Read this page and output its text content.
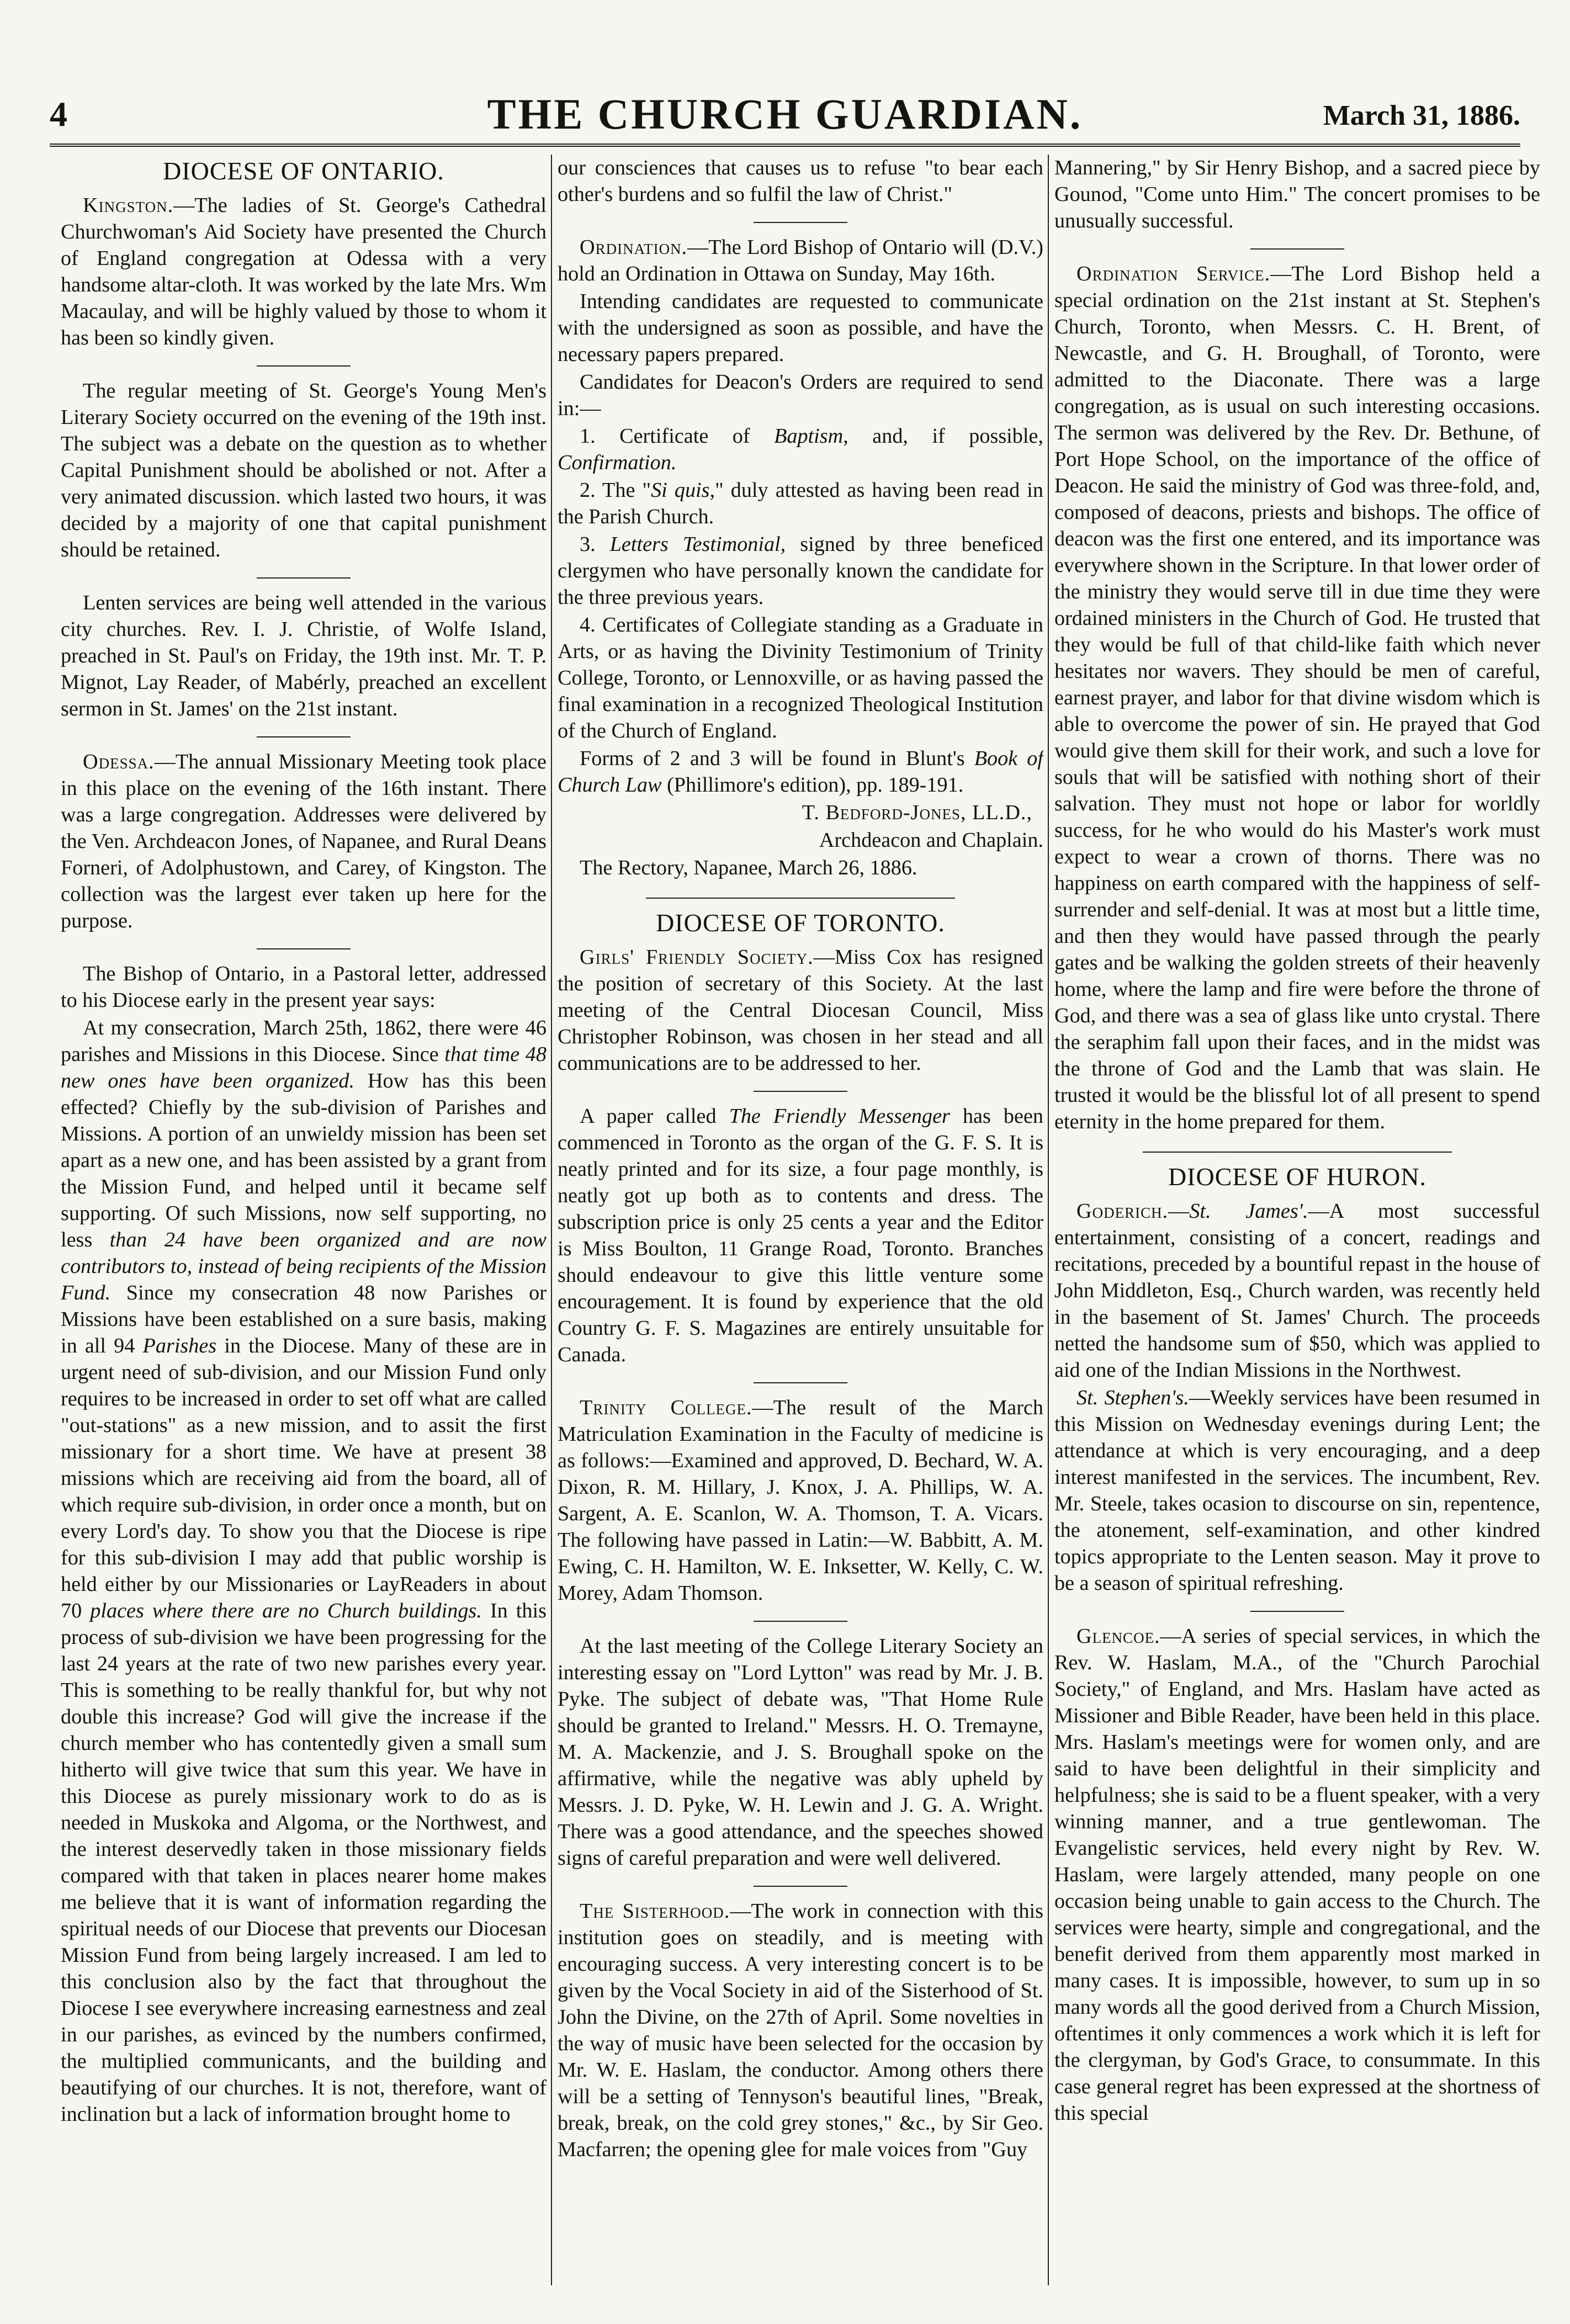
4	THE CHURCH GUARDIAN.	March 31, 1886.

DIOCESE OF ONTARIO.

Kingston.—The ladies of St. George's Cathedral Churchwoman's Aid Society have presented the Church of England congregation at Odessa with a very handsome altar-cloth. It was worked by the late Mrs. Wm Macaulay, and will be highly valued by those to whom it has been so kindly given.

The regular meeting of St. George's Young Men's Literary Society occurred on the evening of the 19th inst. The subject was a debate on the question as to whether Capital Punishment should be abolished or not. After a very animated discussion. which lasted two hours, it was decided by a majority of one that capital punishment should be retained.

Lenten services are being well attended in the various city churches. Rev. I. J. Christie, of Wolfe Island, preached in St. Paul's on Friday, the 19th inst. Mr. T. P. Mignot, Lay Reader, of Mabérly, preached an excellent sermon in St. James' on the 21st instant.

Odessa.—The annual Missionary Meeting took place in this place on the evening of the 16th instant. There was a large congregation. Addresses were delivered by the Ven. Archdeacon Jones, of Napanee, and Rural Deans Forneri, of Adolphustown, and Carey, of Kingston. The collection was the largest ever taken up here for the purpose.

The Bishop of Ontario, in a Pastoral letter, addressed to his Diocese early in the present year says:

At my consecration, March 25th, 1862, there were 46 parishes and Missions in this Diocese. Since that time 48 new ones have been organized. How has this been effected? Chiefly by the sub-division of Parishes and Missions. A portion of an unwieldy mission has been set apart as a new one, and has been assisted by a grant from the Mission Fund, and helped until it became self supporting. Of such Missions, now self supporting, no less than 24 have been organized and are now contributors to, instead of being recipients of the Mission Fund. Since my consecration 48 now Parishes or Missions have been established on a sure basis, making in all 94 Parishes in the Diocese. Many of these are in urgent need of sub-division, and our Mission Fund only requires to be increased in order to set off what are called "out-stations" as a new mission, and to assit the first missionary for a short time. We have at present 38 missions which are receiving aid from the board, all of which require sub-division, in order once a month, but on every Lord's day. To show you that the Diocese is ripe for this sub-division I may add that public worship is held either by our Missionaries or LayReaders in about 70 places where there are no Church buildings. In this process of sub-division we have been progressing for the last 24 years at the rate of two new parishes every year. This is something to be really thankful for, but why not double this increase? God will give the increase if the church member who has contentedly given a small sum hitherto will give twice that sum this year. We have in this Diocese as purely missionary work to do as is needed in Muskoka and Algoma, or the Northwest, and the interest deservedly taken in those missionary fields compared with that taken in places nearer home makes me believe that it is want of information regarding the spiritual needs of our Diocese that prevents our Diocesan Mission Fund from being largely increased. I am led to this conclusion also by the fact that throughout the Diocese I see everywhere increasing earnestness and zeal in our parishes, as evinced by the numbers confirmed, the multiplied communicants, and the building and beautifying of our churches. It is not, therefore, want of inclination but a lack of information brought home to

our consciences that causes us to refuse "to bear each other's burdens and so fulfil the law of Christ."

Ordination.—The Lord Bishop of Ontario will (D.V.) hold an Ordination in Ottawa on Sunday, May 16th.

Intending candidates are requested to communicate with the undersigned as soon as possible, and have the necessary papers prepared.

Candidates for Deacon's Orders are required to send in:—

1. Certificate of Baptism, and, if possible, Confirmation.

2. The "Si quis," duly attested as having been read in the Parish Church.

3. Letters Testimonial, signed by three beneficed clergymen who have personally known the candidate for the three previous years.

4. Certificates of Collegiate standing as a Graduate in Arts, or as having the Divinity Testimonium of Trinity College, Toronto, or Lennoxville, or as having passed the final examination in a recognized Theological Institution of the Church of England.

Forms of 2 and 3 will be found in Blunt's Book of Church Law (Phillimore's edition), pp. 189-191.

T. Bedford-Jones, LL.D.,

Archdeacon and Chaplain.

The Rectory, Napanee, March 26, 1886.

DIOCESE OF TORONTO.

Girls' Friendly Society.—Miss Cox has resigned the position of secretary of this Society. At the last meeting of the Central Diocesan Council, Miss Christopher Robinson, was chosen in her stead and all communications are to be addressed to her.

A paper called The Friendly Messenger has been commenced in Toronto as the organ of the G. F. S. It is neatly printed and for its size, a four page monthly, is neatly got up both as to contents and dress. The subscription price is only 25 cents a year and the Editor is Miss Boulton, 11 Grange Road, Toronto. Branches should endeavour to give this little venture some encouragement. It is found by experience that the old Country G. F. S. Magazines are entirely unsuitable for Canada.

Trinity College.—The result of the March Matriculation Examination in the Faculty of medicine is as follows:—Examined and approved, D. Bechard, W. A. Dixon, R. M. Hillary, J. Knox, J. A. Phillips, W. A. Sargent, A. E. Scanlon, W. A. Thomson, T. A. Vicars. The following have passed in Latin:—W. Babbitt, A. M. Ewing, C. H. Hamilton, W. E. Inksetter, W. Kelly, C. W. Morey, Adam Thomson.

At the last meeting of the College Literary Society an interesting essay on "Lord Lytton" was read by Mr. J. B. Pyke. The subject of debate was, "That Home Rule should be granted to Ireland." Messrs. H. O. Tremayne, M. A. Mackenzie, and J. S. Broughall spoke on the affirmative, while the negative was ably upheld by Messrs. J. D. Pyke, W. H. Lewin and J. G. A. Wright. There was a good attendance, and the speeches showed signs of careful preparation and were well delivered.

The Sisterhood.—The work in connection with this institution goes on steadily, and is meeting with encouraging success. A very interesting concert is to be given by the Vocal Society in aid of the Sisterhood of St. John the Divine, on the 27th of April. Some novelties in the way of music have been selected for the occasion by Mr. W. E. Haslam, the conductor. Among others there will be a setting of Tennyson's beautiful lines, "Break, break, break, on the cold grey stones," &c., by Sir Geo. Macfarren; the opening glee for male voices from "Guy

Mannering," by Sir Henry Bishop, and a sacred piece by Gounod, "Come unto Him." The concert promises to be unusually successful.

Ordination Service.—The Lord Bishop held a special ordination on the 21st instant at St. Stephen's Church, Toronto, when Messrs. C. H. Brent, of Newcastle, and G. H. Broughall, of Toronto, were admitted to the Diaconate. There was a large congregation, as is usual on such interesting occasions. The sermon was delivered by the Rev. Dr. Bethune, of Port Hope School, on the importance of the office of Deacon. He said the ministry of God was three-fold, and, composed of deacons, priests and bishops. The office of deacon was the first one entered, and its importance was everywhere shown in the Scripture. In that lower order of the ministry they would serve till in due time they were ordained ministers in the Church of God. He trusted that they would be full of that child-like faith which never hesitates nor wavers. They should be men of careful, earnest prayer, and labor for that divine wisdom which is able to overcome the power of sin. He prayed that God would give them skill for their work, and such a love for souls that will be satisfied with nothing short of their salvation. They must not hope or labor for worldly success, for he who would do his Master's work must expect to wear a crown of thorns. There was no happiness on earth compared with the happiness of self-surrender and self-denial. It was at most but a little time, and then they would have passed through the pearly gates and be walking the golden streets of their heavenly home, where the lamp and fire were before the throne of God, and there was a sea of glass like unto crystal. There the seraphim fall upon their faces, and in the midst was the throne of God and the Lamb that was slain. He trusted it would be the blissful lot of all present to spend eternity in the home prepared for them.

DIOCESE OF HURON.

Goderich.—St. James'.—A most successful entertainment, consisting of a concert, readings and recitations, preceded by a bountiful repast in the house of John Middleton, Esq., Church warden, was recently held in the basement of St. James' Church. The proceeds netted the handsome sum of $50, which was applied to aid one of the Indian Missions in the Northwest.

St. Stephen's.—Weekly services have been resumed in this Mission on Wednesday evenings during Lent; the attendance at which is very encouraging, and a deep interest manifested in the services. The incumbent, Rev. Mr. Steele, takes ocasion to discourse on sin, repentence, the atonement, self-examination, and other kindred topics appropriate to the Lenten season. May it prove to be a season of spiritual refreshing.

Glencoe.—A series of special services, in which the Rev. W. Haslam, M.A., of the "Church Parochial Society," of England, and Mrs. Haslam have acted as Missioner and Bible Reader, have been held in this place. Mrs. Haslam's meetings were for women only, and are said to have been delightful in their simplicity and helpfulness; she is said to be a fluent speaker, with a very winning manner, and a true gentlewoman. The Evangelistic services, held every night by Rev. W. Haslam, were largely attended, many people on one occasion being unable to gain access to the Church. The services were hearty, simple and congregational, and the benefit derived from them apparently most marked in many cases. It is impossible, however, to sum up in so many words all the good derived from a Church Mission, oftentimes it only commences a work which it is left for the clergyman, by God's Grace, to consummate. In this case general regret has been expressed at the shortness of this special
